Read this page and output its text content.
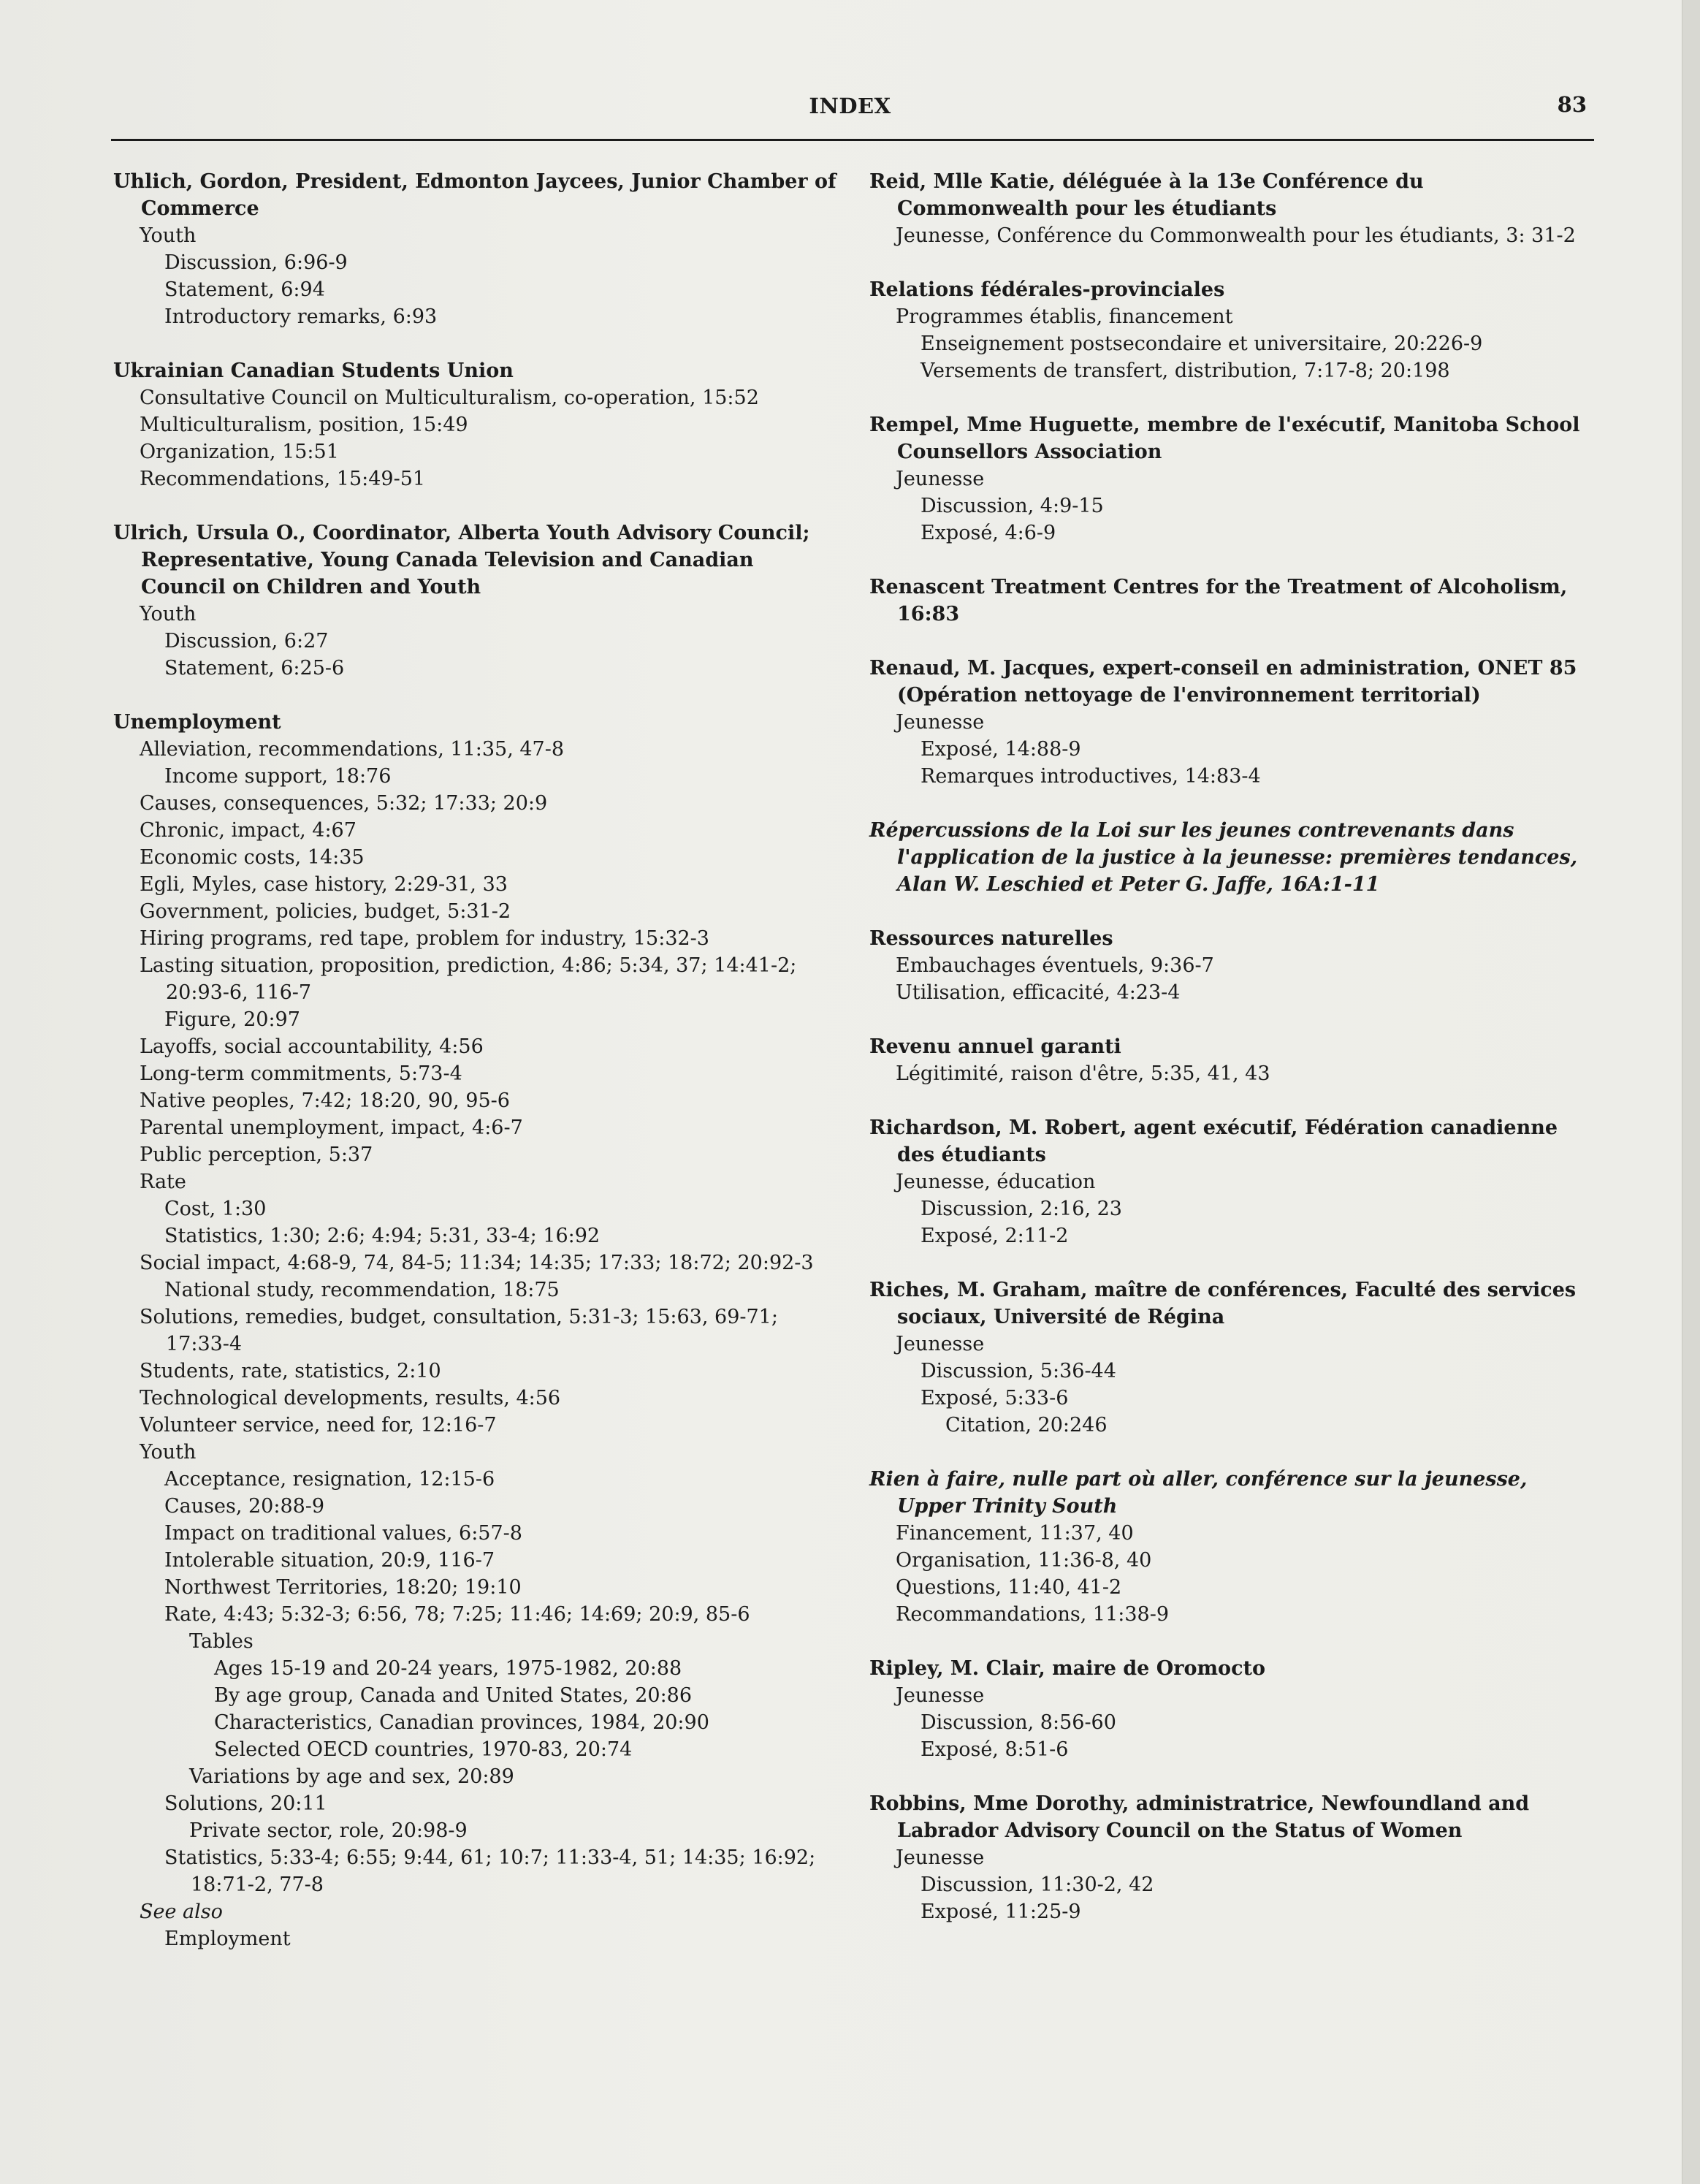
INDEX	83
Uhlich, Gordon, President, Edmonton Jaycees, Junior Chamber of Commerce
Youth
Discussion, 6:96-9
Statement, 6:94
Introductory remarks, 6:93
Ukrainian Canadian Students Union
Consultative Council on Multiculturalism, co-operation, 15:52
Multiculturalism, position, 15:49
Organization, 15:51
Recommendations, 15:49-51
Ulrich, Ursula O., Coordinator, Alberta Youth Advisory Council; Representative, Young Canada Television and Canadian Council on Children and Youth
Youth
Discussion, 6:27
Statement, 6:25-6
Unemployment
Alleviation, recommendations, 11:35, 47-8
Income support, 18:76
Causes, consequences, 5:32; 17:33; 20:9
Chronic, impact, 4:67
Economic costs, 14:35
Egli, Myles, case history, 2:29-31, 33
Government, policies, budget, 5:31-2
Hiring programs, red tape, problem for industry, 15:32-3
Lasting situation, proposition, prediction, 4:86; 5:34, 37; 14:41-2; 20:93-6, 116-7
Figure, 20:97
Layoffs, social accountability, 4:56
Long-term commitments, 5:73-4
Native peoples, 7:42; 18:20, 90, 95-6
Parental unemployment, impact, 4:6-7
Public perception, 5:37
Rate
Cost, 1:30
Statistics, 1:30; 2:6; 4:94; 5:31, 33-4; 16:92
Social impact, 4:68-9, 74, 84-5; 11:34; 14:35; 17:33; 18:72; 20:92-3
National study, recommendation, 18:75
Solutions, remedies, budget, consultation, 5:31-3; 15:63, 69-71; 17:33-4
Students, rate, statistics, 2:10
Technological developments, results, 4:56
Volunteer service, need for, 12:16-7
Youth
Acceptance, resignation, 12:15-6
Causes, 20:88-9
Impact on traditional values, 6:57-8
Intolerable situation, 20:9, 116-7
Northwest Territories, 18:20; 19:10
Rate, 4:43; 5:32-3; 6:56, 78; 7:25; 11:46; 14:69; 20:9, 85-6
Tables
Ages 15-19 and 20-24 years, 1975-1982, 20:88
By age group, Canada and United States, 20:86
Characteristics, Canadian provinces, 1984, 20:90
Selected OECD countries, 1970-83, 20:74
Variations by age and sex, 20:89
Solutions, 20:11
Private sector, role, 20:98-9
Statistics, 5:33-4; 6:55; 9:44, 61; 10:7; 11:33-4, 51; 14:35; 16:92; 18:71-2, 77-8
See also
Employment
Reid, Mlle Katie, déléguée à la 13e Conférence du Commonwealth pour les étudiants
Jeunesse, Conférence du Commonwealth pour les étudiants, 3: 31-2
Relations fédérales-provinciales
Programmes établis, financement
Enseignement postsecondaire et universitaire, 20:226-9
Versements de transfert, distribution, 7:17-8; 20:198
Rempel, Mme Huguette, membre de l'exécutif, Manitoba School Counsellors Association
Jeunesse
Discussion, 4:9-15
Exposé, 4:6-9
Renascent Treatment Centres for the Treatment of Alcoholism, 16:83
Renaud, M. Jacques, expert-conseil en administration, ONET 85 (Opération nettoyage de l'environnement territorial)
Jeunesse
Exposé, 14:88-9
Remarques introductives, 14:83-4
Répercussions de la Loi sur les jeunes contrevenants dans l'application de la justice à la jeunesse: premières tendances, Alan W. Leschied et Peter G. Jaffe, 16A:1-11
Ressources naturelles
Embauchages éventuels, 9:36-7
Utilisation, efficacité, 4:23-4
Revenu annuel garanti
Légitimité, raison d'être, 5:35, 41, 43
Richardson, M. Robert, agent exécutif, Fédération canadienne des étudiants
Jeunesse, éducation
Discussion, 2:16, 23
Exposé, 2:11-2
Riches, M. Graham, maître de conférences, Faculté des services sociaux, Université de Régina
Jeunesse
Discussion, 5:36-44
Exposé, 5:33-6
Citation, 20:246
Rien à faire, nulle part où aller, conférence sur la jeunesse, Upper Trinity South
Financement, 11:37, 40
Organisation, 11:36-8, 40
Questions, 11:40, 41-2
Recommandations, 11:38-9
Ripley, M. Clair, maire de Oromocto
Jeunesse
Discussion, 8:56-60
Exposé, 8:51-6
Robbins, Mme Dorothy, administratrice, Newfoundland and Labrador Advisory Council on the Status of Women
Jeunesse
Discussion, 11:30-2, 42
Exposé, 11:25-9
